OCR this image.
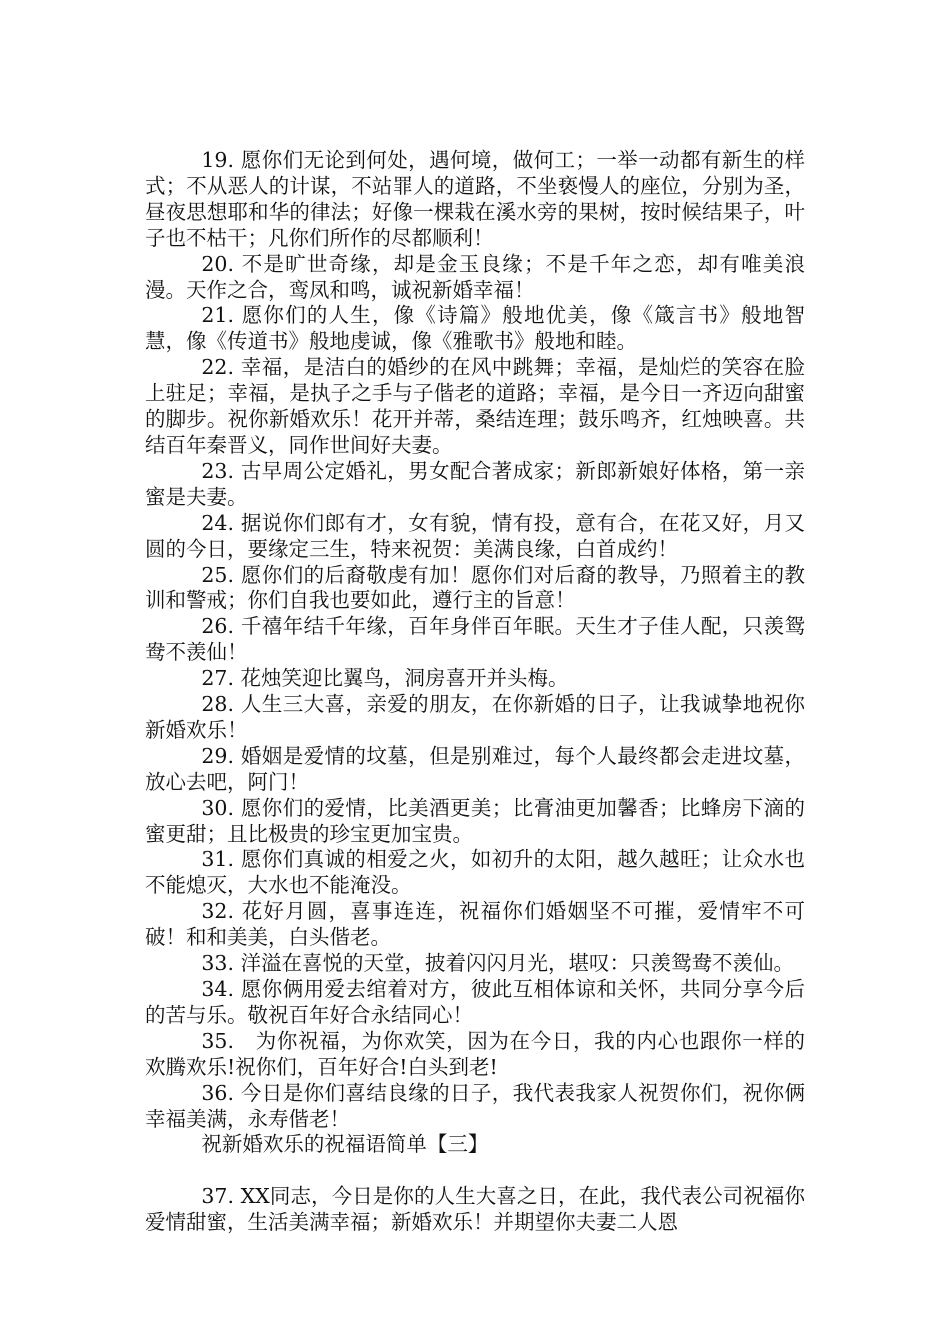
19. 愿你们无论到何处，遇何境，做何工；一举一动都有新生的样式；不从恶人的计谋，不站罪人的道路，不坐亵慢人的座位，分别为圣，昼夜思想耶和华的律法；好像一棵栽在溪水旁的果树，按时候结果子，叶子也不枯干；凡你们所作的尽都顺利！

20. 不是旷世奇缘，却是金玉良缘；不是千年之恋，却有唯美浪漫。天作之合，鸾凤和鸣，诚祝新婚幸福！

21. 愿你们的人生，像《诗篇》般地优美，像《箴言书》般地智慧，像《传道书》般地虔诚，像《雅歌书》般地和睦。

22. 幸福，是洁白的婚纱的在风中跳舞；幸福，是灿烂的笑容在脸上驻足；幸福，是执子之手与子偕老的道路；幸福，是今日一齐迈向甜蜜的脚步。祝你新婚欢乐！花开并蒂，桑结连理；鼓乐鸣齐，红烛映喜。共结百年秦晋义，同作世间好夫妻。

23. 古早周公定婚礼，男女配合著成家；新郎新娘好体格，第一亲蜜是夫妻。

24. 据说你们郎有才，女有貌，情有投，意有合，在花又好，月又圆的今日，要缘定三生，特来祝贺：美满良缘，白首成约！

25. 愿你们的后裔敬虔有加！愿你们对后裔的教导，乃照着主的教训和警戒；你们自我也要如此，遵行主的旨意！

26. 千禧年结千年缘，百年身伴百年眠。天生才子佳人配，只羡鸳鸯不羡仙！

27. 花烛笑迎比翼鸟，洞房喜开并头梅。

28. 人生三大喜，亲爱的朋友，在你新婚的日子，让我诚挚地祝你新婚欢乐！

29. 婚姻是爱情的坟墓，但是别难过，每个人最终都会走进坟墓，放心去吧，阿门！

30. 愿你们的爱情，比美酒更美；比膏油更加馨香；比蜂房下滴的蜜更甜；且比极贵的珍宝更加宝贵。

31. 愿你们真诚的相爱之火，如初升的太阳，越久越旺；让众水也不能熄灭，大水也不能淹没。

32. 花好月圆，喜事连连，祝福你们婚姻坚不可摧，爱情牢不可破！和和美美，白头偕老。

33. 洋溢在喜悦的天堂，披着闪闪月光，堪叹：只羡鸳鸯不羡仙。

34. 愿你俩用爱去绾着对方，彼此互相体谅和关怀，共同分享今后的苦与乐。敬祝百年好合永结同心！

35.　为你祝福，为你欢笑，因为在今日，我的内心也跟你一样的欢腾欢乐!祝你们，百年好合!白头到老!

36. 今日是你们喜结良缘的日子，我代表我家人祝贺你们，祝你俩幸福美满，永寿偕老！

祝新婚欢乐的祝福语简单【三】

37. XX同志，今日是你的人生大喜之日，在此，我代表公司祝福你爱情甜蜜，生活美满幸福；新婚欢乐！并期望你夫妻二人恩
